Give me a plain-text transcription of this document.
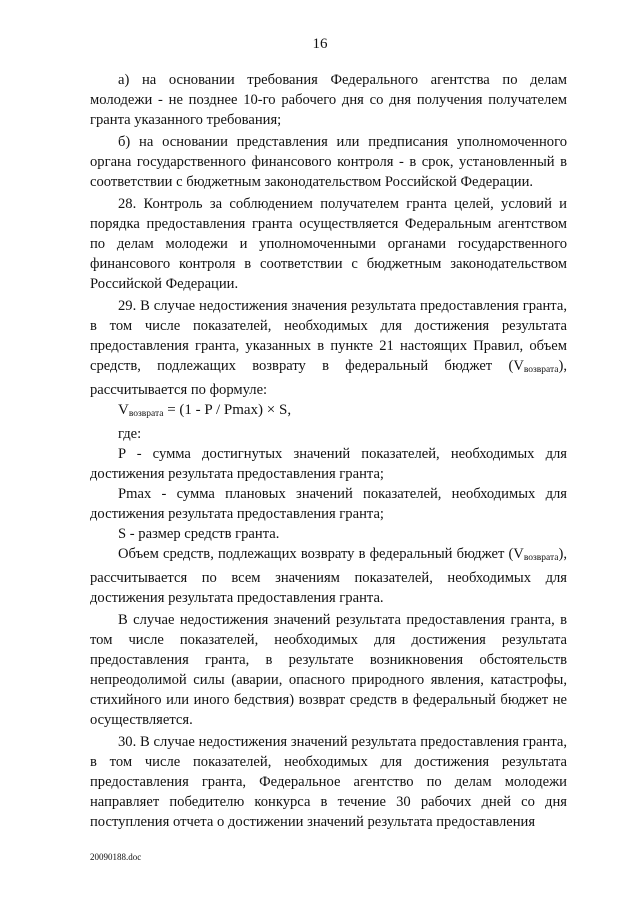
16

а) на основании требования Федерального агентства по делам молодежи - не позднее 10-го рабочего дня со дня получения получателем гранта указанного требования;

б) на основании представления или предписания уполномоченного органа государственного финансового контроля - в срок, установленный в соответствии с бюджетным законодательством Российской Федерации.

28. Контроль за соблюдением получателем гранта целей, условий и порядка предоставления гранта осуществляется Федеральным агентством по делам молодежи и уполномоченными органами государственного финансового контроля в соответствии с бюджетным законодательством Российской Федерации.

29. В случае недостижения значения результата предоставления гранта, в том числе показателей, необходимых для достижения результата предоставления гранта, указанных в пункте 21 настоящих Правил, объем средств, подлежащих возврату в федеральный бюджет $(V_{возврата})$, рассчитывается по формуле:

$V_{возврата} = (1 - P / Pmax) \times S$,

где:

P - сумма достигнутых значений показателей, необходимых для достижения результата предоставления гранта;

Pmax - сумма плановых значений показателей, необходимых для достижения результата предоставления гранта;

S - размер средств гранта.

Объем средств, подлежащих возврату в федеральный бюджет $(V_{возврата})$, рассчитывается по всем значениям показателей, необходимых для достижения результата предоставления гранта.

В случае недостижения значений результата предоставления гранта, в том числе показателей, необходимых для достижения результата предоставления гранта, в результате возникновения обстоятельств непреодолимой силы (аварии, опасного природного явления, катастрофы, стихийного или иного бедствия) возврат средств в федеральный бюджет не осуществляется.

30. В случае недостижения значений результата предоставления гранта, в том числе показателей, необходимых для достижения результата предоставления гранта, Федеральное агентство по делам молодежи направляет победителю конкурса в течение 30 рабочих дней со дня поступления отчета о достижении значений результата предоставления

20090188.doc
